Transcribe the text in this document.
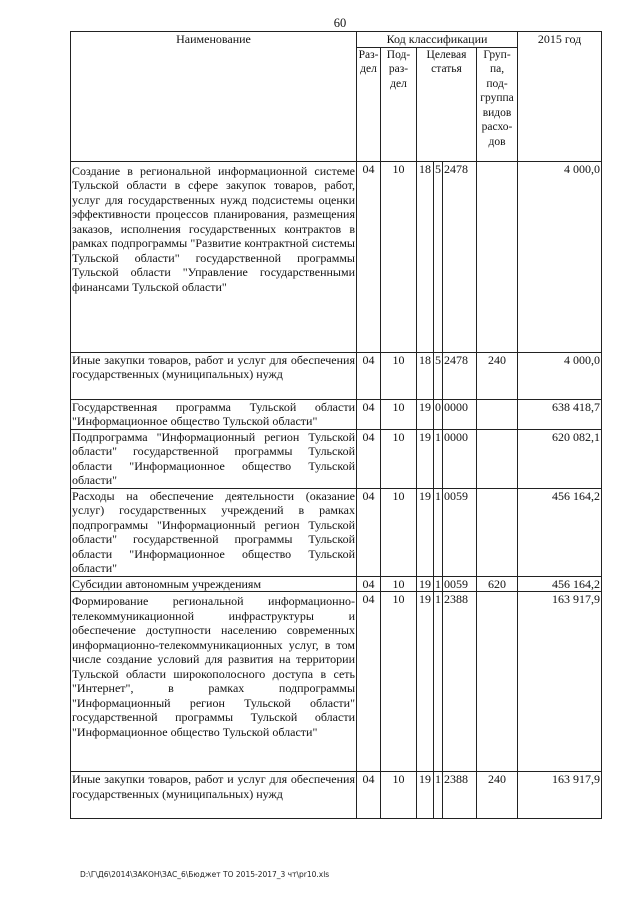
60
Наименование	Код классификации						2015 год
	Раз-дел	Под-раз-дел	Целевая статья			Груп-па, под-группа видов расхо-дов	
Создание в региональной информационной системе Тульской области в сфере закупок товаров, работ, услуг для государственных нужд подсистемы оценки эффективности процессов планирования, размещения заказов, исполнения государственных контрактов в рамках подпрограммы "Развитие контрактной системы Тульской области" государственной программы Тульской области "Управление государственными финансами Тульской области"	04	10	18	5	2478		4 000,0
Иные закупки товаров, работ и услуг для обеспечения государственных (муниципальных) нужд	04	10	18	5	2478	240	4 000,0
Государственная программа Тульской области "Информационное общество Тульской области"	04	10	19	0	0000		638 418,7
Подпрограмма "Информационный регион Тульской области" государственной программы Тульской области "Информационное общество Тульской области"	04	10	19	1	0000		620 082,1
Расходы на обеспечение деятельности (оказание услуг) государственных учреждений в рамках подпрограммы "Информационный регион Тульской области" государственной программы Тульской области "Информационное общество Тульской области"	04	10	19	1	0059		456 164,2
Субсидии автономным учреждениям	04	10	19	1	0059	620	456 164,2
Формирование региональной информационно-телекоммуникационной инфраструктуры и обеспечение доступности населению современных информационно-телекоммуникационных услуг, в том числе создание условий для развития на территории Тульской области широкополосного доступа в сеть "Интернет", в рамках подпрограммы "Информационный регион Тульской области" государственной программы Тульской области "Информационное общество Тульской области"	04	10	19	1	2388		163 917,9
Иные закупки товаров, работ и услуг для обеспечения государственных (муниципальных) нужд	04	10	19	1	2388	240	163 917,9
D:\Г\Д6\2014\ЗАКОН\ЗАС_6\Бюджет ТО 2015-2017_3 чт\pr10.xls
